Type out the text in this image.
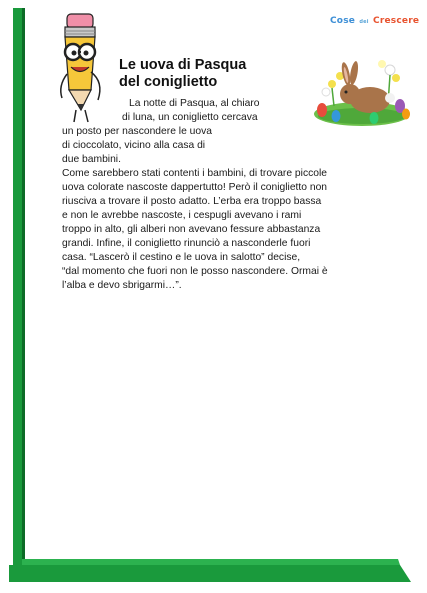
Cose dei Crescere
Le uova di Pasqua
del coniglietto
La notte di Pasqua, al chiaro
di luna, un coniglietto cercava
un posto per nascondere le uova
di cioccolato, vicino alla casa di
due bambini.
Come sarebbero stati contenti i bambini, di trovare piccole
uova colorate nascoste dappertutto! Però il coniglietto non
riusciva a trovare il posto adatto. L’erba era troppo bassa
e non le avrebbe nascoste, i cespugli avevano i rami
troppo in alto, gli alberi non avevano fessure abbastanza
grandi. Infine, il coniglietto rinunciò a nasconderle fuori
casa. “Lascerò il cestino e le uova in salotto” decise,
“dal momento che fuori non le posso nascondere. Ormai è
l’alba e devo sbrigarmi…”.
